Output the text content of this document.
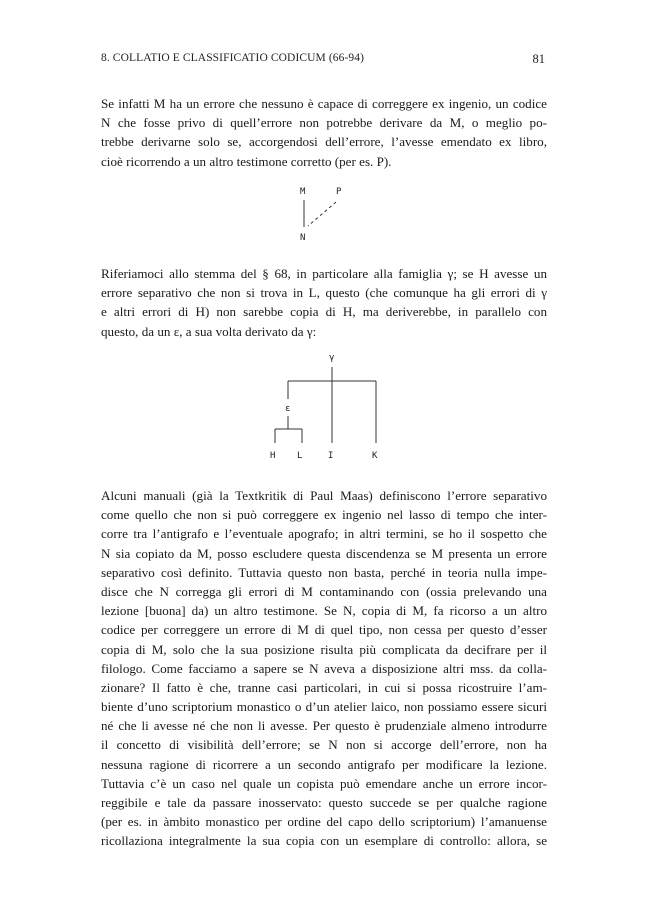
8. COLLATIO E CLASSIFICATIO CODICUM (66-94)	81
Se infatti M ha un errore che nessuno è capace di correggere ex ingenio, un codice
N che fosse privo di quell’errore non potrebbe derivare da M, o meglio po-
trebbe derivarne solo se, accorgendosi dell’errore, l’avesse emendato ex libro,
cioè ricorrendo a un altro testimone corretto (per es. P).
M	P
N
Riferiamoci allo stemma del § 68, in particolare alla famiglia γ; se H avesse un
errore separativo che non si trova in L, questo (che comunque ha gli errori di γ
e altri errori di H) non sarebbe copia di H, ma deriverebbe, in parallelo con
questo, da un ε, a sua volta derivato da γ:
γ
ε
H L	I	K
Alcuni manuali (già la Textkritik di Paul Maas) definiscono l’errore separativo
come quello che non si può correggere ex ingenio nel lasso di tempo che inter-
corre tra l’antigrafo e l’eventuale apografo; in altri termini, se ho il sospetto che
N sia copiato da M, posso escludere questa discendenza se M presenta un errore
separativo così definito. Tuttavia questo non basta, perché in teoria nulla impe-
disce che N corregga gli errori di M contaminando con (ossia prelevando una
lezione [buona] da) un altro testimone. Se N, copia di M, fa ricorso a un altro
codice per correggere un errore di M di quel tipo, non cessa per questo d’esser
copia di M, solo che la sua posizione risulta più complicata da decifrare per il
filologo. Come facciamo a sapere se N aveva a disposizione altri mss. da colla-
zionare? Il fatto è che, tranne casi particolari, in cui si possa ricostruire l’am-
biente d’uno scriptorium monastico o d’un atelier laico, non possiamo essere sicuri
né che li avesse né che non li avesse. Per questo è prudenziale almeno introdurre
il concetto di visibilità dell’errore; se N non si accorge dell’errore, non ha
nessuna ragione di ricorrere a un secondo antigrafo per modificare la lezione.
Tuttavia c’è un caso nel quale un copista può emendare anche un errore incor-
reggibile e tale da passare inosservato: questo succede se per qualche ragione
(per es. in àmbito monastico per ordine del capo dello scriptorium) l’amanuense
ricollaziona integralmente la sua copia con un esemplare di controllo: allora, se
